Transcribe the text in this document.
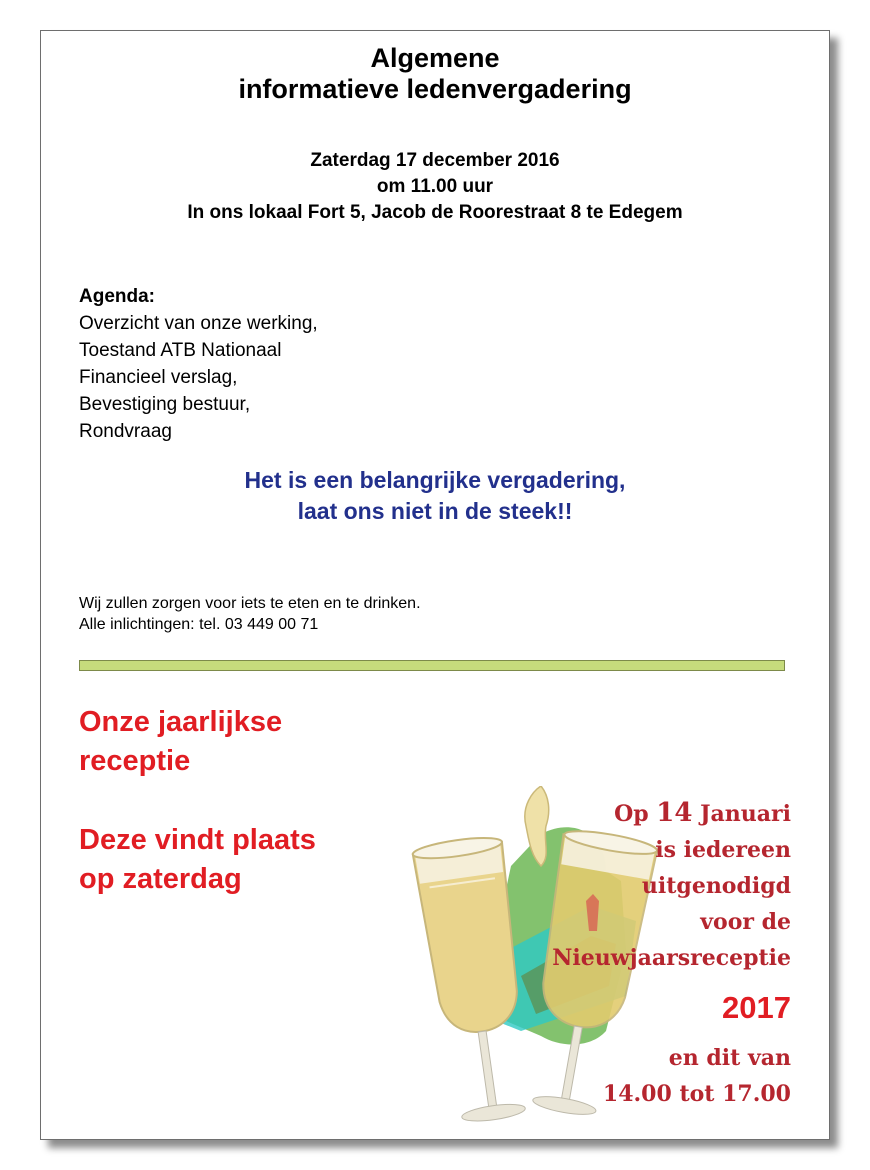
Algemene
informatieve ledenvergadering
Zaterdag 17 december 2016
om 11.00 uur
In ons lokaal Fort 5, Jacob de Roorestraat 8 te Edegem
Agenda:
Overzicht van onze werking,
Toestand ATB Nationaal
Financieel verslag,
Bevestiging bestuur,
Rondvraag
Het is een belangrijke vergadering,
laat ons niet in de steek!!
Wij zullen zorgen voor iets te eten en te drinken.
Alle inlichtingen: tel. 03 449 00 71
Onze jaarlijkse
receptie
Deze vindt plaats
op zaterdag
Op 14 Januari
is iedereen
uitgenodigd
voor de
Nieuwjaarsreceptie
2017
en dit van
14.00 tot 17.00
